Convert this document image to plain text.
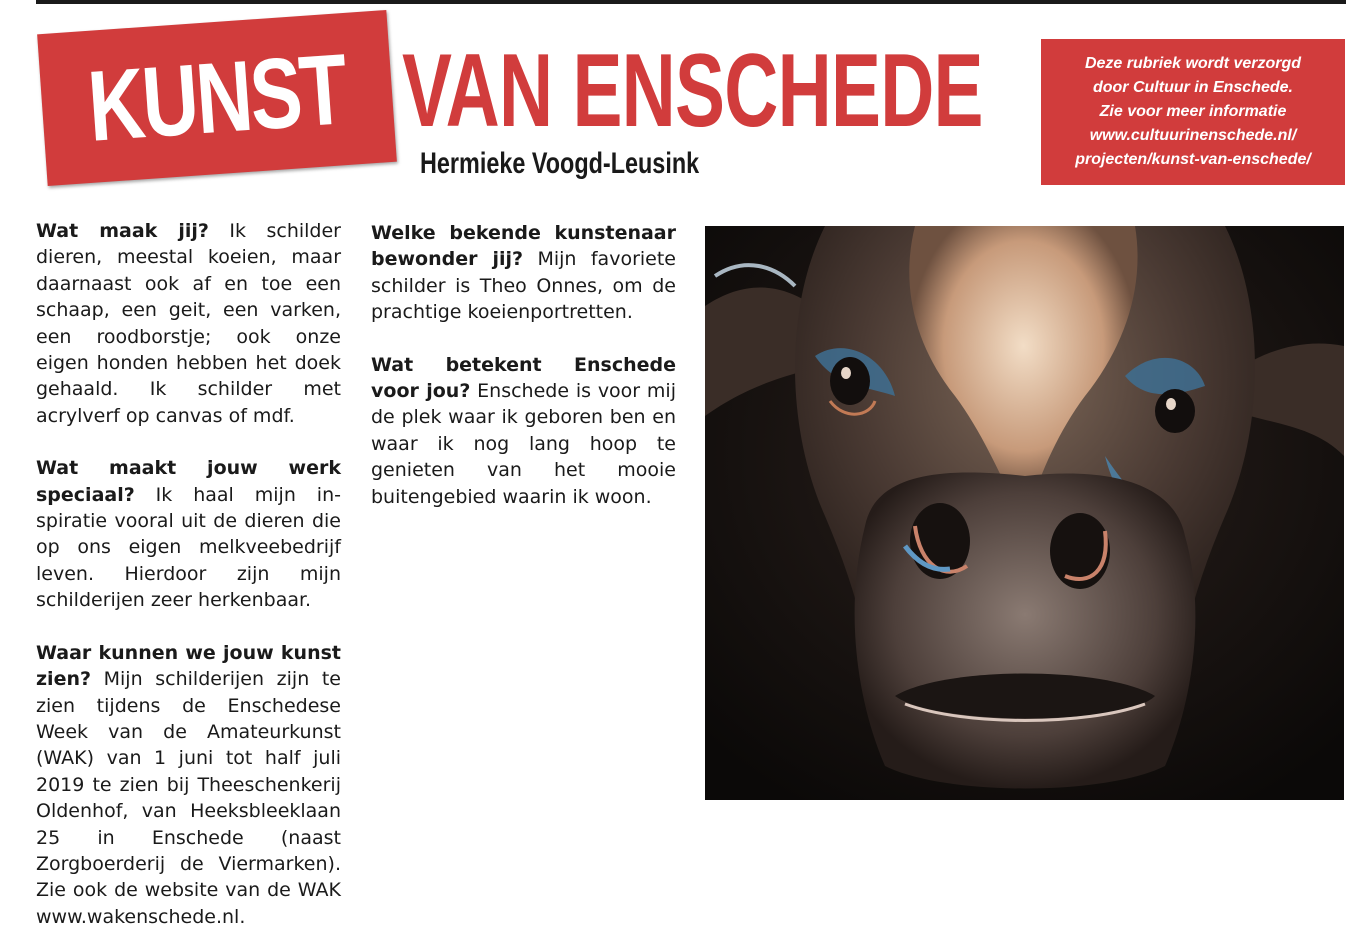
KUNST VAN ENSCHEDE
Hermieke Voogd-Leusink
Deze rubriek wordt verzorgd
door Cultuur in Enschede.
Zie voor meer informatie
www.cultuurinenschede.nl/
projecten/kunst-van-enschede/

Wat maak jij? Ik schilder dieren, meestal koeien, maar daarnaast ook af en toe een schaap, een geit, een varken, een roodborstje; ook onze eigen honden hebben het doek gehaald. Ik schilder met acrylverf op canvas of mdf.

Wat maakt jouw werk speciaal? Ik haal mijn inspiratie vooral uit de dieren die op ons eigen melkveebedrijf leven. Hierdoor zijn mijn schilderijen zeer herkenbaar.

Waar kunnen we jouw kunst zien? Mijn schilderijen zijn te zien tijdens de Enschedese Week van de Amateurkunst (WAK) van 1 juni tot half juli 2019 te zien bij Theeschenkerij Oldenhof, van Heeksbleeklaan 25 in Enschede (naast Zorgboerderij de Viermarken). Zie ook de website van de WAK www.wakenschede.nl.

Welke bekende kunstenaar bewonder jij? Mijn favoriete schilder is Theo Onnes, om de prachtige koeienportretten.

Wat betekent Enschede voor jou? Enschede is voor mij de plek waar ik geboren ben en waar ik nog lang hoop te genieten van het mooie buitengebied waarin ik woon.
